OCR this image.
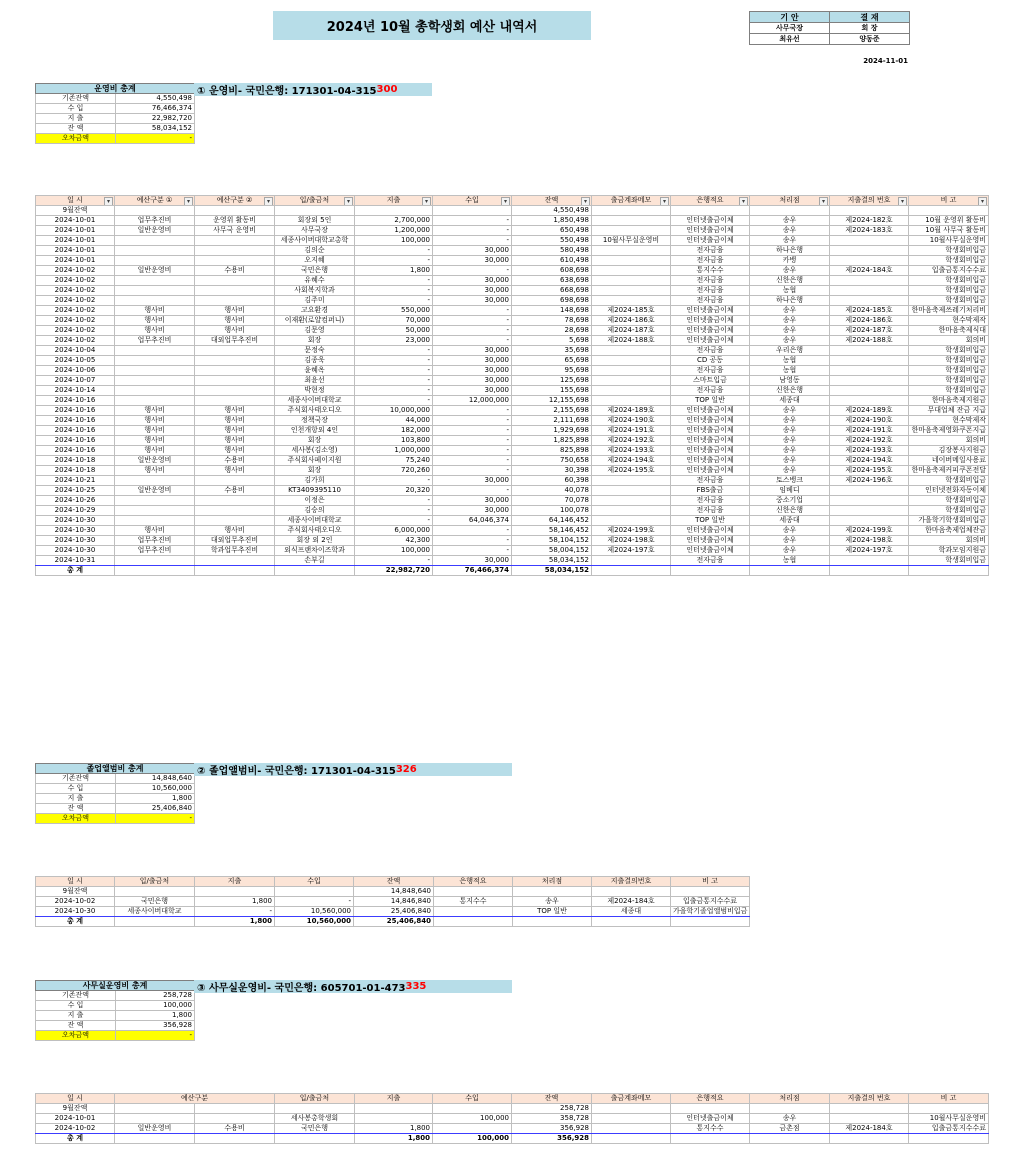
2024년 10월 총학생회 예산 내역서
기 안	결 재
사무국장	회 장
최유선	양동준
2024-11-01
운영비 총계	
기존잔액	4,550,498
수 입	76,466,374
지 출	22,982,720
잔 액	58,034,152
오차금액	-
① 운영비- 국민은행: 171301-04-315 300
일 시 ▾	예산구분 ① ▾	예산구분 ② ▾	입/출금처 ▾	지출 ▾	수입 ▾	잔액 ▾	출금계좌메모 ▾	은행적요 ▾	처리점 ▾	지출결의 번호 ▾	비 고 ▾
9월잔액						4,550,498					
2024-10-01	업무추진비	운영위 활동비	회장외 5인	2,700,000	-	1,850,498		인터넷출금이체	송우	제2024-182호	10월 운영위 활동비
2024-10-01	일반운영비	사무국 운영비	사무국장	1,200,000	-	650,498		인터넷출금이체	송우	제2024-183호	10월 사무국 활동비
2024-10-01			세종사이버대학교총학	100,000	-	550,498	10월사무실운영비	인터넷출금이체	송우		10월사무실운영비
2024-10-01			김의순	-	30,000	580,498		전자금융	하나은행		학생회비입금
2024-10-01			오지혜	-	30,000	610,498		전자금융	카뱅		학생회비입금
2024-10-02	일반운영비	수용비	국민은행	1,800	-	608,698		통지수수	송우	제2024-184호	입출금통지수수료
2024-10-02			유혜수	-	30,000	638,698		전자금융	신한은행		학생회비입금
2024-10-02			사회복지학과	-	30,000	668,698		전자금융	농협		학생회비입금
2024-10-02			김주미	-	30,000	698,698		전자금융	하나은행		학생회비입금
2024-10-02	행사비	행사비	고요환경	550,000	-	148,698	제2024-185호	인터넷출금이체	송우	제2024-185호	한마음축제쓰레기처리비
2024-10-02	행사비	행사비	이재환(로얄컴퍼니)	70,000	-	78,698	제2024-186호	인터넷출금이체	송우	제2024-186호	현수막제작
2024-10-02	행사비	행사비	김문영	50,000	-	28,698	제2024-187호	인터넷출금이체	송우	제2024-187호	한마음축제식대
2024-10-02	업무추진비	대외업무추진비	회장	23,000	-	5,698	제2024-188호	인터넷출금이체	송우	제2024-188호	회의비
2024-10-04			문정숙	-	30,000	35,698		전자금융	우리은행		학생회비입금
2024-10-05			김종욱	-	30,000	65,698		CD 공동	농협		학생회비입금
2024-10-06			윤혜옥	-	30,000	95,698		전자금융	농협		학생회비입금
2024-10-07			최윤선	-	30,000	125,698		스마트입금	남영동		학생회비입금
2024-10-14			박현정	-	30,000	155,698		전자금융	신한은행		학생회비입금
2024-10-16			세종사이버대학교	-	12,000,000	12,155,698		TOP 일반	세종대		한마음축제지원금
2024-10-16	행사비	행사비	주식회사태오디오	10,000,000	-	2,155,698	제2024-189호	인터넷출금이체	송우	제2024-189호	무대업체 잔금 지급
2024-10-16	행사비	행사비	정책국장	44,000	-	2,111,698	제2024-190호	인터넷출금이체	송우	제2024-190호	현수막제작
2024-10-16	행사비	행사비	인천개항외 4인	182,000	-	1,929,698	제2024-191호	인터넷출금이체	송우	제2024-191호	한마음축제영화쿠폰지급
2024-10-16	행사비	행사비	회장	103,800	-	1,825,898	제2024-192호	인터넷출금이체	송우	제2024-192호	회의비
2024-10-16	행사비	행사비	세사봉(김소영)	1,000,000	-	825,898	제2024-193호	인터넷출금이체	송우	제2024-193호	김장봉사지원금
2024-10-18	일반운영비	수용비	주식회사페이지원	75,240	-	750,658	제2024-194호	인터넷출금이체	송우	제2024-194호	네이버메일사용료
2024-10-18	행사비	행사비	회장	720,260	-	30,398	제2024-195호	인터넷출금이체	송우	제2024-195호	한마음축제커피쿠폰전달
2024-10-21			김가희	-	30,000	60,398		전자금융	토스뱅크	제2024-196호	학생회비입금
2024-10-25	일반운영비	수용비	KT3409395110	20,320	-	40,078		FBS출금	임베디		인터넷전화자동이체
2024-10-26			이정은	-	30,000	70,078		전자금융	중소기업		학생회비입금
2024-10-29			김승의	-	30,000	100,078		전자금융	신한은행		학생회비입금
2024-10-30			세종사이버대학교	-	64,046,374	64,146,452		TOP 일반	세종대		가을학기학생회비입금
2024-10-30	행사비	행사비	주식회사태오디오	6,000,000	-	58,146,452	제2024-199호	인터넷출금이체	송우	제2024-199호	한마음축제업체잔금
2024-10-30	업무추진비	대외업무추진비	회장 외 2인	42,300	-	58,104,152	제2024-198호	인터넷출금이체	송우	제2024-198호	회의비
2024-10-30	업무추진비	학과업무추진비	외식프랜차이즈학과	100,000	-	58,004,152	제2024-197호	인터넷출금이체	송우	제2024-197호	학과모임지원금
2024-10-31			손부길	-	30,000	58,034,152		전자금융	농협		학생회비입금
총 계				22,982,720	76,466,374	58,034,152					
졸업앨범비 총계	
기존잔액	14,848,640
수 입	10,560,000
지 출	1,800
잔 액	25,406,840
오차금액	-
② 졸업앨범비- 국민은행: 171301-04-315 326
일 시	입/출금처	지출	수입	잔액	은행적요	처리점	지출결의번호	비 고
9월잔액				14,848,640				
2024-10-02	국민은행	1,800	-	14,846,840	통지수수	송우	제2024-184호	입출금통지수수료
2024-10-30	세종사이버대학교	-	10,560,000	25,406,840		TOP 일반	세종대	가을학기졸업앨범비입금
총 계		1,800	10,560,000	25,406,840				
사무실운영비 총계	
기존잔액	258,728
수 입	100,000
지 출	1,800
잔 액	356,928
오차금액	-
③ 사무실운영비- 국민은행: 605701-01-473 335
일 시	예산구분		입/출금처	지출	수입	잔액	출금계좌메모	은행적요	처리점	지출결의 번호	비 고
9월잔액						258,728					
2024-10-01			세사봉총학생회		100,000	358,728		인터넷출금이체	송우		10월사무실운영비
2024-10-02	일반운영비	수용비	국민은행	1,800		356,928		통지수수	금촌점	제2024-184호	입출금통지수수료
총 계				1,800	100,000	356,928					
